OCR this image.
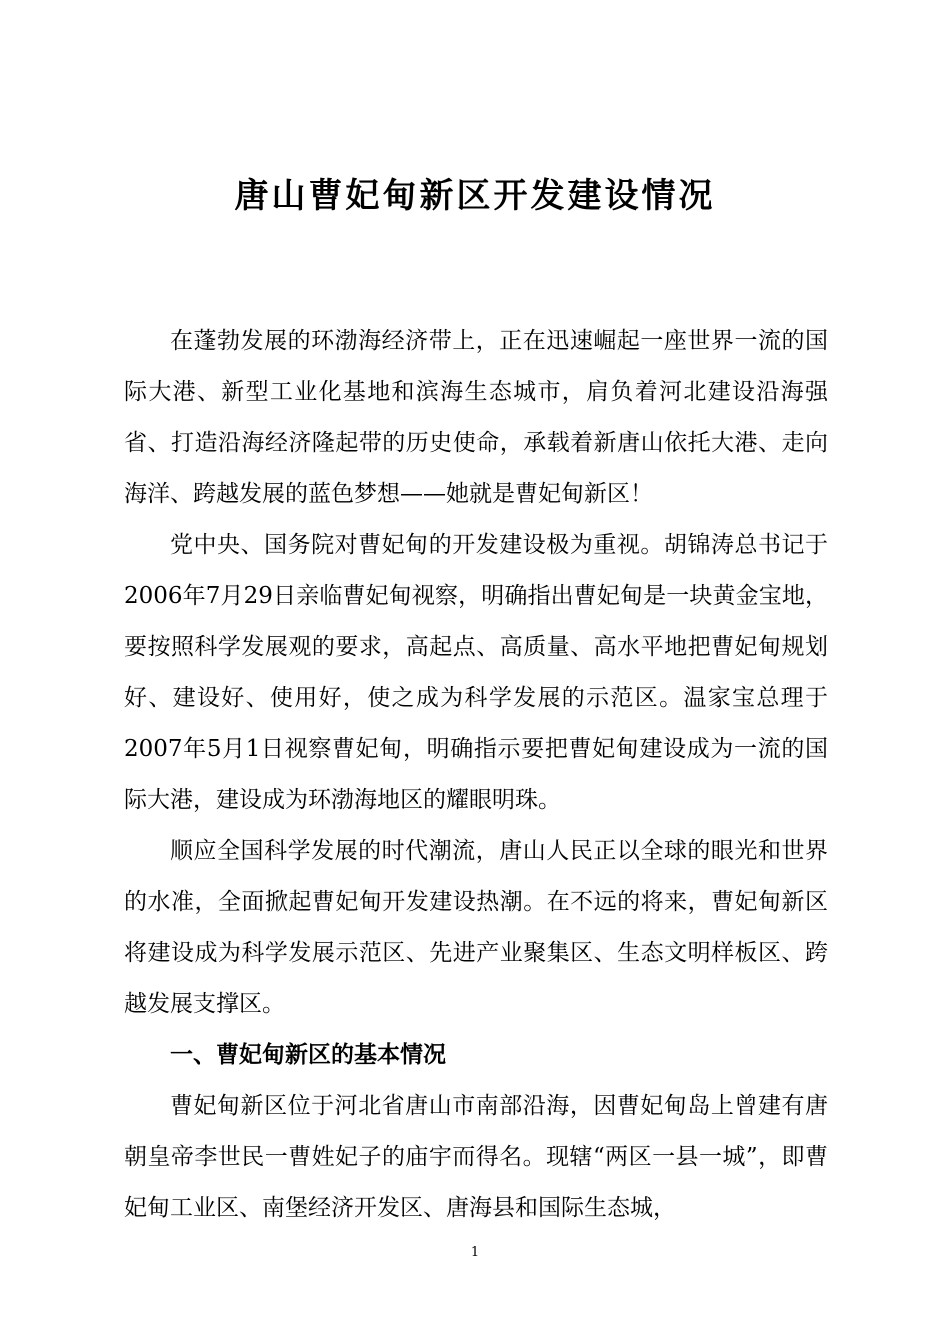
唐山曹妃甸新区开发建设情况

在蓬勃发展的环渤海经济带上，正在迅速崛起一座世界一流的国际大港、新型工业化基地和滨海生态城市，肩负着河北建设沿海强省、打造沿海经济隆起带的历史使命，承载着新唐山依托大港、走向海洋、跨越发展的蓝色梦想——她就是曹妃甸新区！

党中央、国务院对曹妃甸的开发建设极为重视。胡锦涛总书记于2006年7月29日亲临曹妃甸视察，明确指出曹妃甸是一块黄金宝地，要按照科学发展观的要求，高起点、高质量、高水平地把曹妃甸规划好、建设好、使用好，使之成为科学发展的示范区。温家宝总理于2007年5月1日视察曹妃甸，明确指示要把曹妃甸建设成为一流的国际大港，建设成为环渤海地区的耀眼明珠。

顺应全国科学发展的时代潮流，唐山人民正以全球的眼光和世界的水准，全面掀起曹妃甸开发建设热潮。在不远的将来，曹妃甸新区将建设成为科学发展示范区、先进产业聚集区、生态文明样板区、跨越发展支撑区。

一、曹妃甸新区的基本情况

曹妃甸新区位于河北省唐山市南部沿海，因曹妃甸岛上曾建有唐朝皇帝李世民一曹姓妃子的庙宇而得名。现辖“两区一县一城”，即曹妃甸工业区、南堡经济开发区、唐海县和国际生态城，

1
